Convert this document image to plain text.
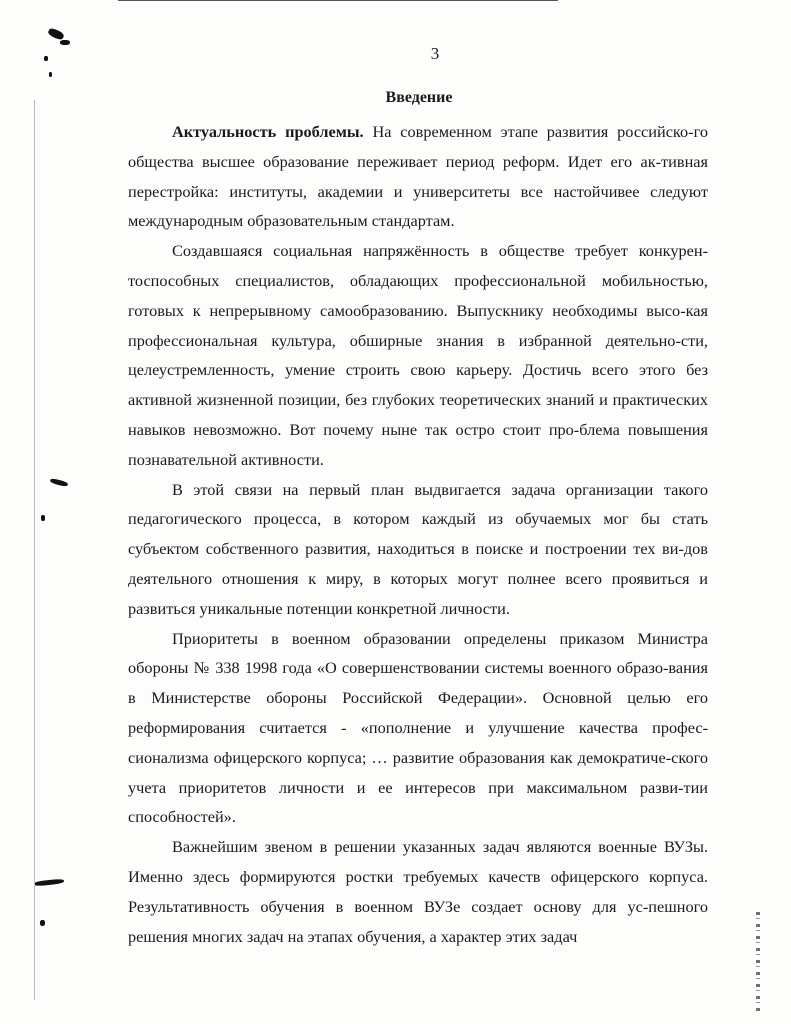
3
Введение

Актуальность проблемы. На современном этапе развития российско-го общества высшее образование переживает период реформ. Идет его ак-тивная перестройка: институты, академии и университеты все настойчивее следуют международным образовательным стандартам.

Создавшаяся социальная напряжённость в обществе требует конкурен-тоспособных специалистов, обладающих профессиональной мобильностью, готовых к непрерывному самообразованию. Выпускнику необходимы высо-кая профессиональная культура, обширные знания в избранной деятельно-сти, целеустремленность, умение строить свою карьеру. Достичь всего этого без активной жизненной позиции, без глубоких теоретических знаний и практических навыков невозможно. Вот почему ныне так остро стоит про-блема повышения познавательной активности.

В этой связи на первый план выдвигается задача организации такого педагогического процесса, в котором каждый из обучаемых мог бы стать субъектом собственного развития, находиться в поиске и построении тех ви-дов деятельного отношения к миру, в которых могут полнее всего проявиться и развиться уникальные потенции конкретной личности.

Приоритеты в военном образовании определены приказом Министра обороны № 338 1998 года «О совершенствовании системы военного образо-вания в Министерстве обороны Российской Федерации». Основной целью его реформирования считается - «пополнение и улучшение качества профес-сионализма офицерского корпуса; … развитие образования как демократиче-ского учета приоритетов личности и ее интересов при максимальном разви-тии способностей».

Важнейшим звеном в решении указанных задач являются военные ВУЗы. Именно здесь формируются ростки требуемых качеств офицерского корпуса. Результативность обучения в военном ВУЗе создает основу для ус-пешного решения многих задач на этапах обучения, а характер этих задач
